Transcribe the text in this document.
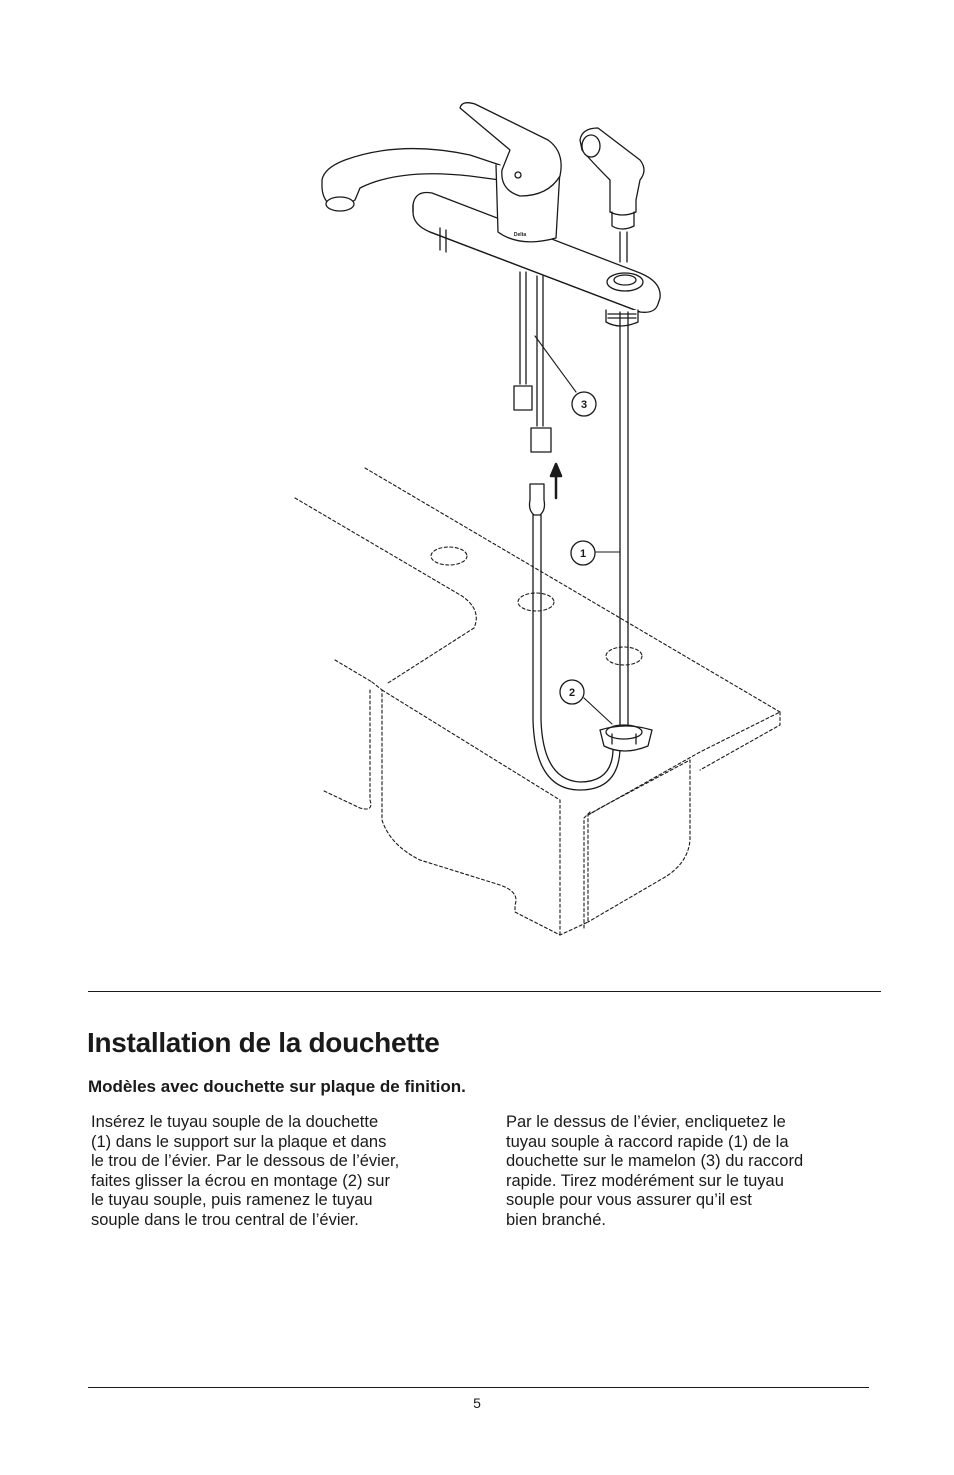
3
1
2
Delta
Installation de la douchette
Modèles avec douchette sur plaque de finition.
Insérez le tuyau souple de la douchette
(1) dans le support sur la plaque et dans
le trou de l’évier. Par le dessous de l’évier,
faites glisser la écrou en montage (2) sur
le tuyau souple, puis ramenez le tuyau
souple dans le trou central de l’évier.
Par le dessus de l’évier, encliquetez le
tuyau souple à raccord rapide (1) de la
douchette sur le mamelon (3) du raccord
rapide. Tirez modérément sur le tuyau
souple pour vous assurer qu’il est
bien branché.
5
